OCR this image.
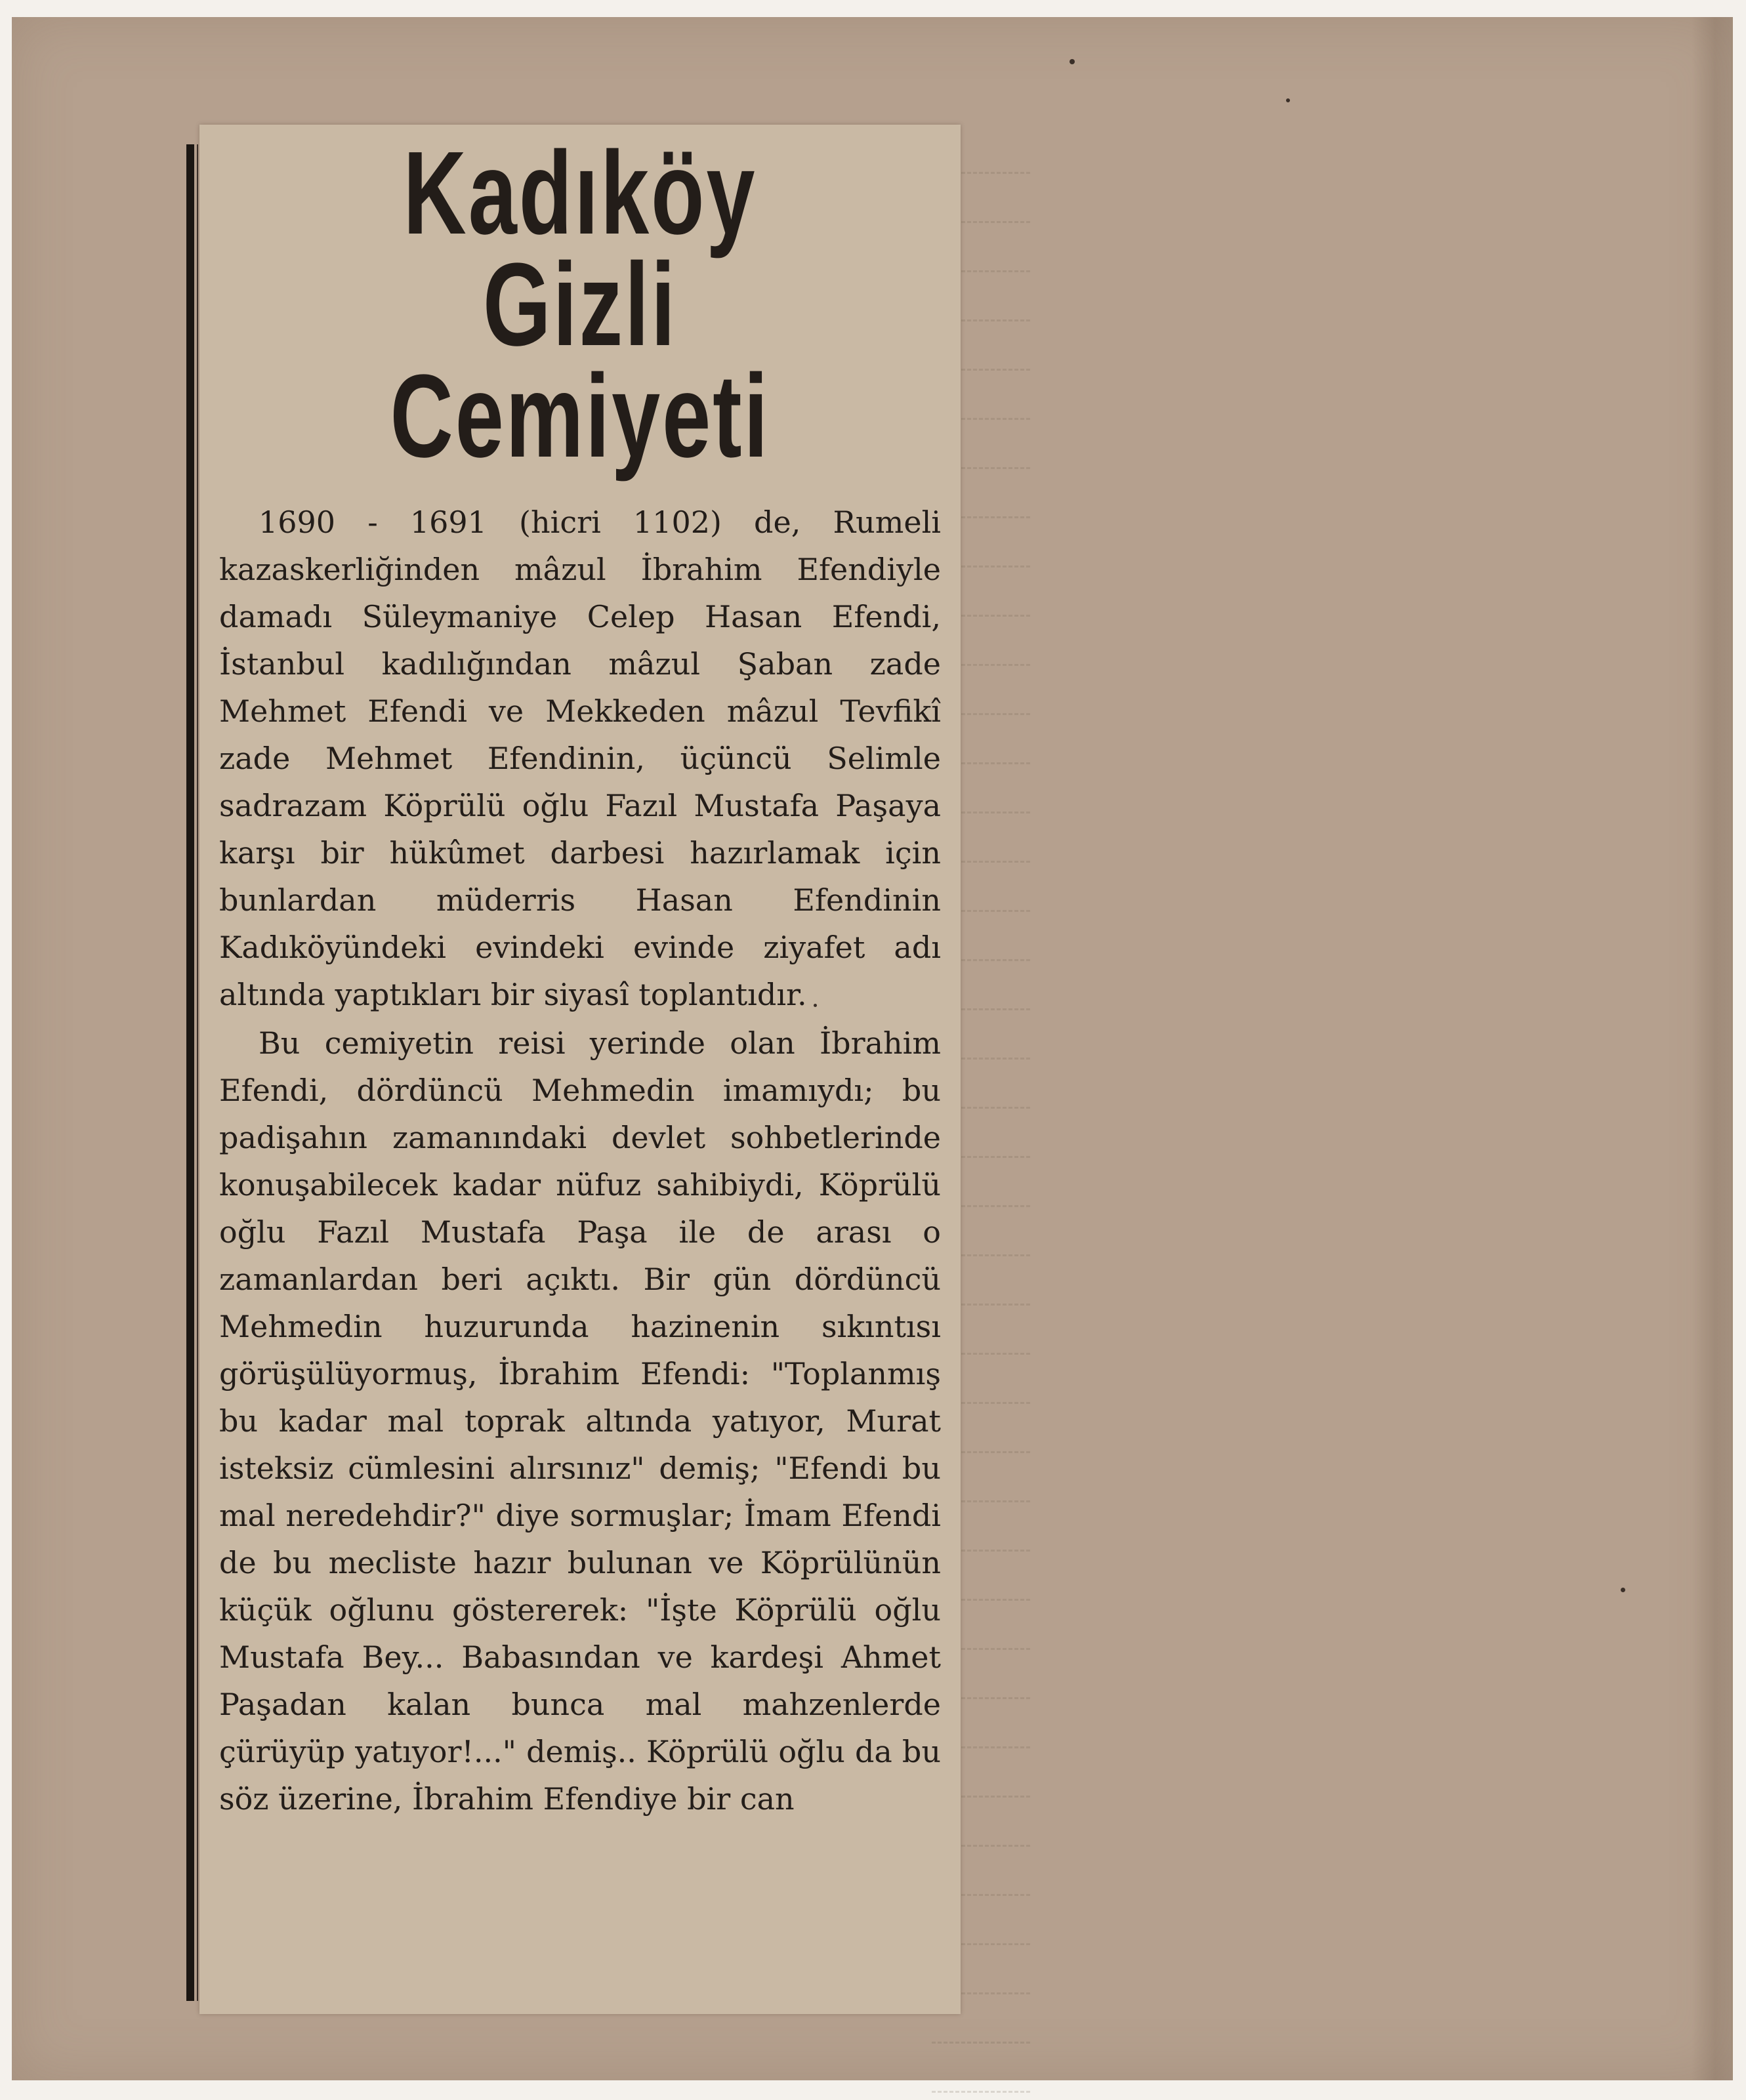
Kadıköy Gizli
Cemiyeti

1690 - 1691 (hicri 1102) de, Rumeli kazaskerliğinden mâzul İbrahim Efendiyle damadı Süleymaniye Celep Hasan Efendi, İstanbul kadılığından mâzul Şaban zade Mehmet Efendi ve Mekkeden mâzul Tevfikî zade Mehmet Efendinin, üçüncü Selimle sadrazam Köprülü oğlu Fazıl Mustafa Paşaya karşı bir hükûmet darbesi hazırlamak için bunlardan müderris Hasan Efendinin Kadıköyündeki evindeki evinde ziyafet adı altında yaptıkları bir siyasî toplantıdır.

Bu cemiyetin reisi yerinde olan İbrahim Efendi, dördüncü Mehmedin imamıydı; bu padişahın zamanındaki devlet sohbetlerinde konuşabilecek kadar nüfuz sahibiydi, Köprülü oğlu Fazıl Mustafa Paşa ile de arası o zamanlardan beri açıktı. Bir gün dördüncü Mehmedin huzurunda hazinenin sıkıntısı görüşülüyormuş, İbrahim Efendi: "Toplanmış bu kadar mal toprak altında yatıyor, Murat isteksiz cümlesini alırsınız" demiş; "Efendi bu mal neredehdir?" diye sormuşlar; İmam Efendi de bu mecliste hazır bulunan ve Köprülünün küçük oğlunu göstererek: "İşte Köprülü oğlu Mustafa Bey... Babasından ve kardeşi Ahmet Paşadan kalan bunca mal mahzenlerde çürüyüp yatıyor!..." demiş.. Köprülü oğlu da bu söz üzerine, İbrahim Efendiye bir can
